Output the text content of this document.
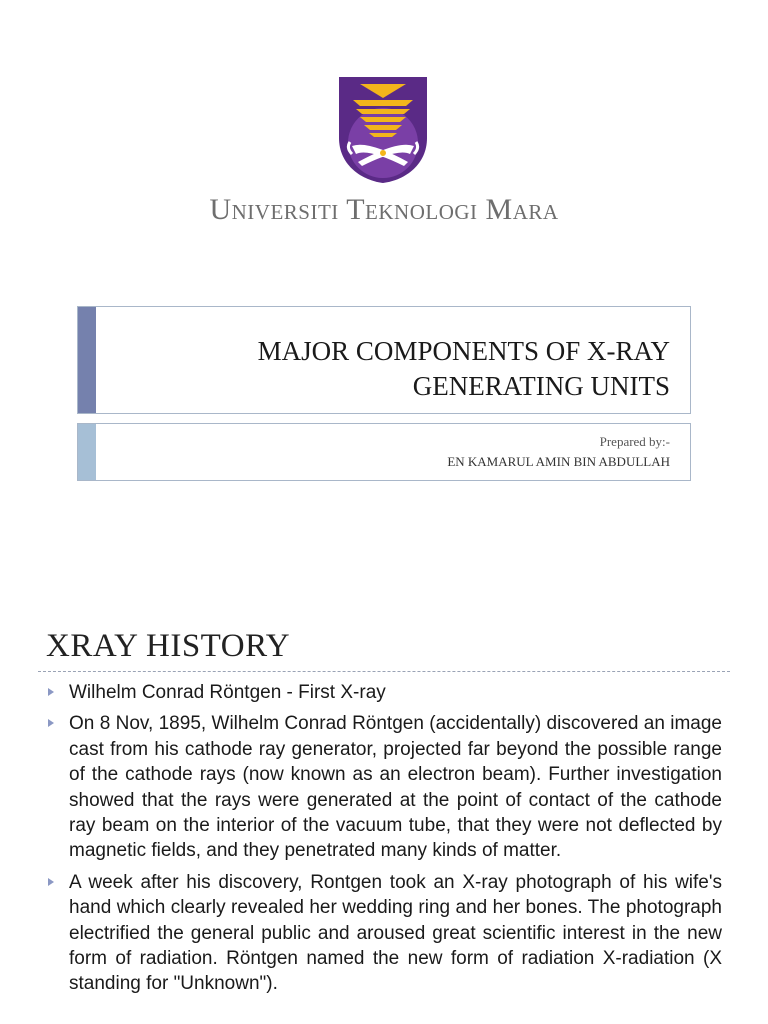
Universiti Teknologi Mara
MAJOR COMPONENTS OF X-RAY
GENERATING UNITS
Prepared by:-
EN KAMARUL AMIN BIN ABDULLAH
XRAY HISTORY
Wilhelm Conrad Röntgen - First X-ray
On 8 Nov, 1895, Wilhelm Conrad Röntgen (accidentally) discovered an image cast from his cathode ray generator, projected far beyond the possible range of the cathode rays (now known as an electron beam). Further investigation showed that the rays were generated at the point of contact of the cathode ray beam on the interior of the vacuum tube, that they were not deflected by magnetic fields, and they penetrated many kinds of matter.
A week after his discovery, Rontgen took an X-ray photograph of his wife's hand which clearly revealed her wedding ring and her bones. The photograph electrified the general public and aroused great scientific interest in the new form of radiation. Röntgen named the new form of radiation X-radiation (X standing for "Unknown").
